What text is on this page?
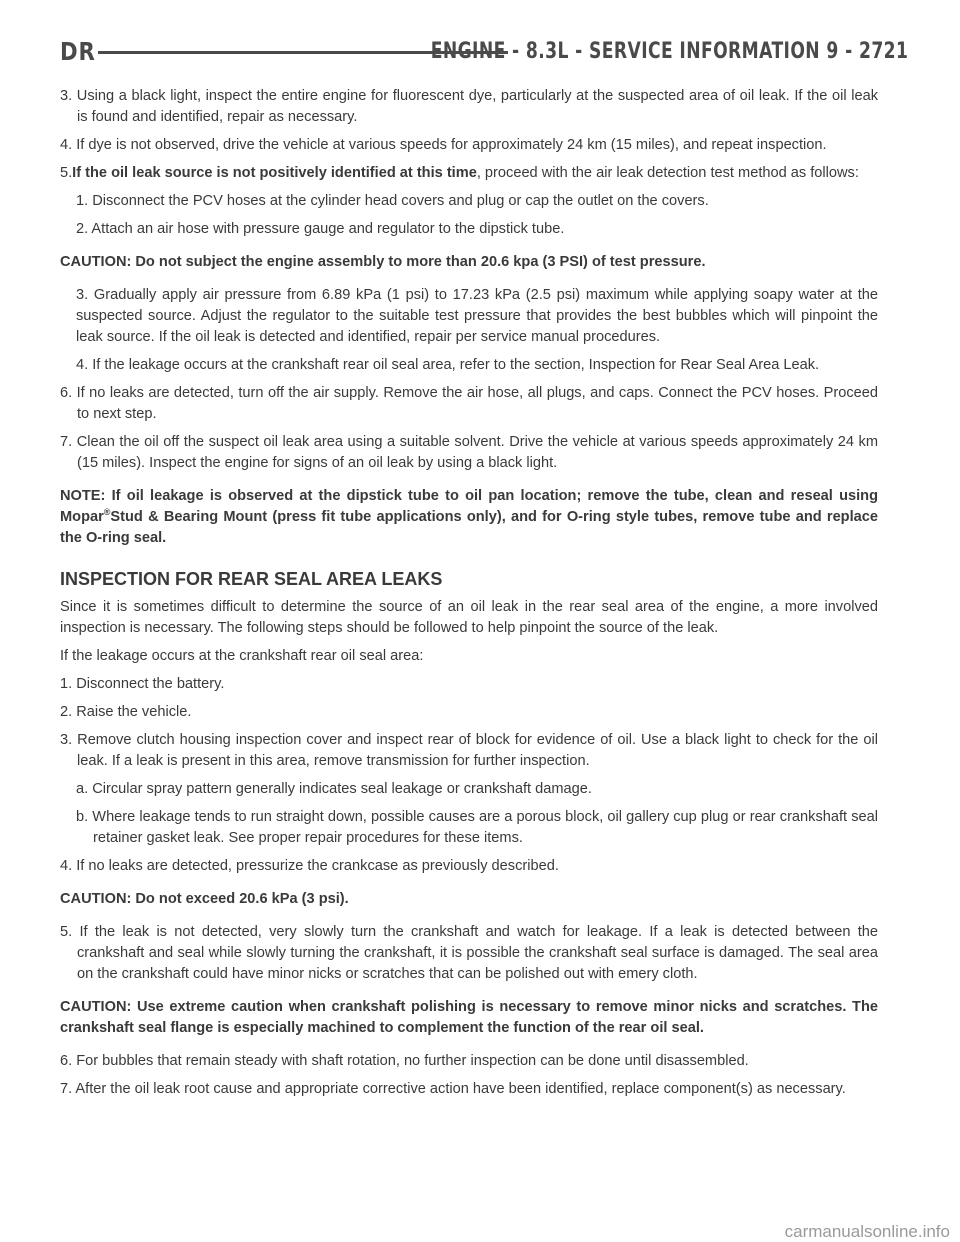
DR	ENGINE - 8.3L - SERVICE INFORMATION 9 - 2721

3. Using a black light, inspect the entire engine for fluorescent dye, particularly at the suspected area of oil leak. If the oil leak is found and identified, repair as necessary.

4. If dye is not observed, drive the vehicle at various speeds for approximately 24 km (15 miles), and repeat inspection.

5.If the oil leak source is not positively identified at this time, proceed with the air leak detection test method as follows:

1. Disconnect the PCV hoses at the cylinder head covers and plug or cap the outlet on the covers.

2. Attach an air hose with pressure gauge and regulator to the dipstick tube.

CAUTION: Do not subject the engine assembly to more than 20.6 kpa (3 PSI) of test pressure.

3. Gradually apply air pressure from 6.89 kPa (1 psi) to 17.23 kPa (2.5 psi) maximum while applying soapy water at the suspected source. Adjust the regulator to the suitable test pressure that provides the best bubbles which will pinpoint the leak source. If the oil leak is detected and identified, repair per service manual procedures.

4. If the leakage occurs at the crankshaft rear oil seal area, refer to the section, Inspection for Rear Seal Area Leak.

6. If no leaks are detected, turn off the air supply. Remove the air hose, all plugs, and caps. Connect the PCV hoses. Proceed to next step.

7. Clean the oil off the suspect oil leak area using a suitable solvent. Drive the vehicle at various speeds approximately 24 km (15 miles). Inspect the engine for signs of an oil leak by using a black light.

NOTE: If oil leakage is observed at the dipstick tube to oil pan location; remove the tube, clean and reseal using Mopar®Stud & Bearing Mount (press fit tube applications only), and for O-ring style tubes, remove tube and replace the O-ring seal.

INSPECTION FOR REAR SEAL AREA LEAKS

Since it is sometimes difficult to determine the source of an oil leak in the rear seal area of the engine, a more involved inspection is necessary. The following steps should be followed to help pinpoint the source of the leak.

If the leakage occurs at the crankshaft rear oil seal area:

1. Disconnect the battery.

2. Raise the vehicle.

3. Remove clutch housing inspection cover and inspect rear of block for evidence of oil. Use a black light to check for the oil leak. If a leak is present in this area, remove transmission for further inspection.

a. Circular spray pattern generally indicates seal leakage or crankshaft damage.

b. Where leakage tends to run straight down, possible causes are a porous block, oil gallery cup plug or rear crankshaft seal retainer gasket leak. See proper repair procedures for these items.

4. If no leaks are detected, pressurize the crankcase as previously described.

CAUTION: Do not exceed 20.6 kPa (3 psi).

5. If the leak is not detected, very slowly turn the crankshaft and watch for leakage. If a leak is detected between the crankshaft and seal while slowly turning the crankshaft, it is possible the crankshaft seal surface is damaged. The seal area on the crankshaft could have minor nicks or scratches that can be polished out with emery cloth.

CAUTION: Use extreme caution when crankshaft polishing is necessary to remove minor nicks and scratches. The crankshaft seal flange is especially machined to complement the function of the rear oil seal.

6. For bubbles that remain steady with shaft rotation, no further inspection can be done until disassembled.

7. After the oil leak root cause and appropriate corrective action have been identified, replace component(s) as necessary.

carmanualsonline.info
